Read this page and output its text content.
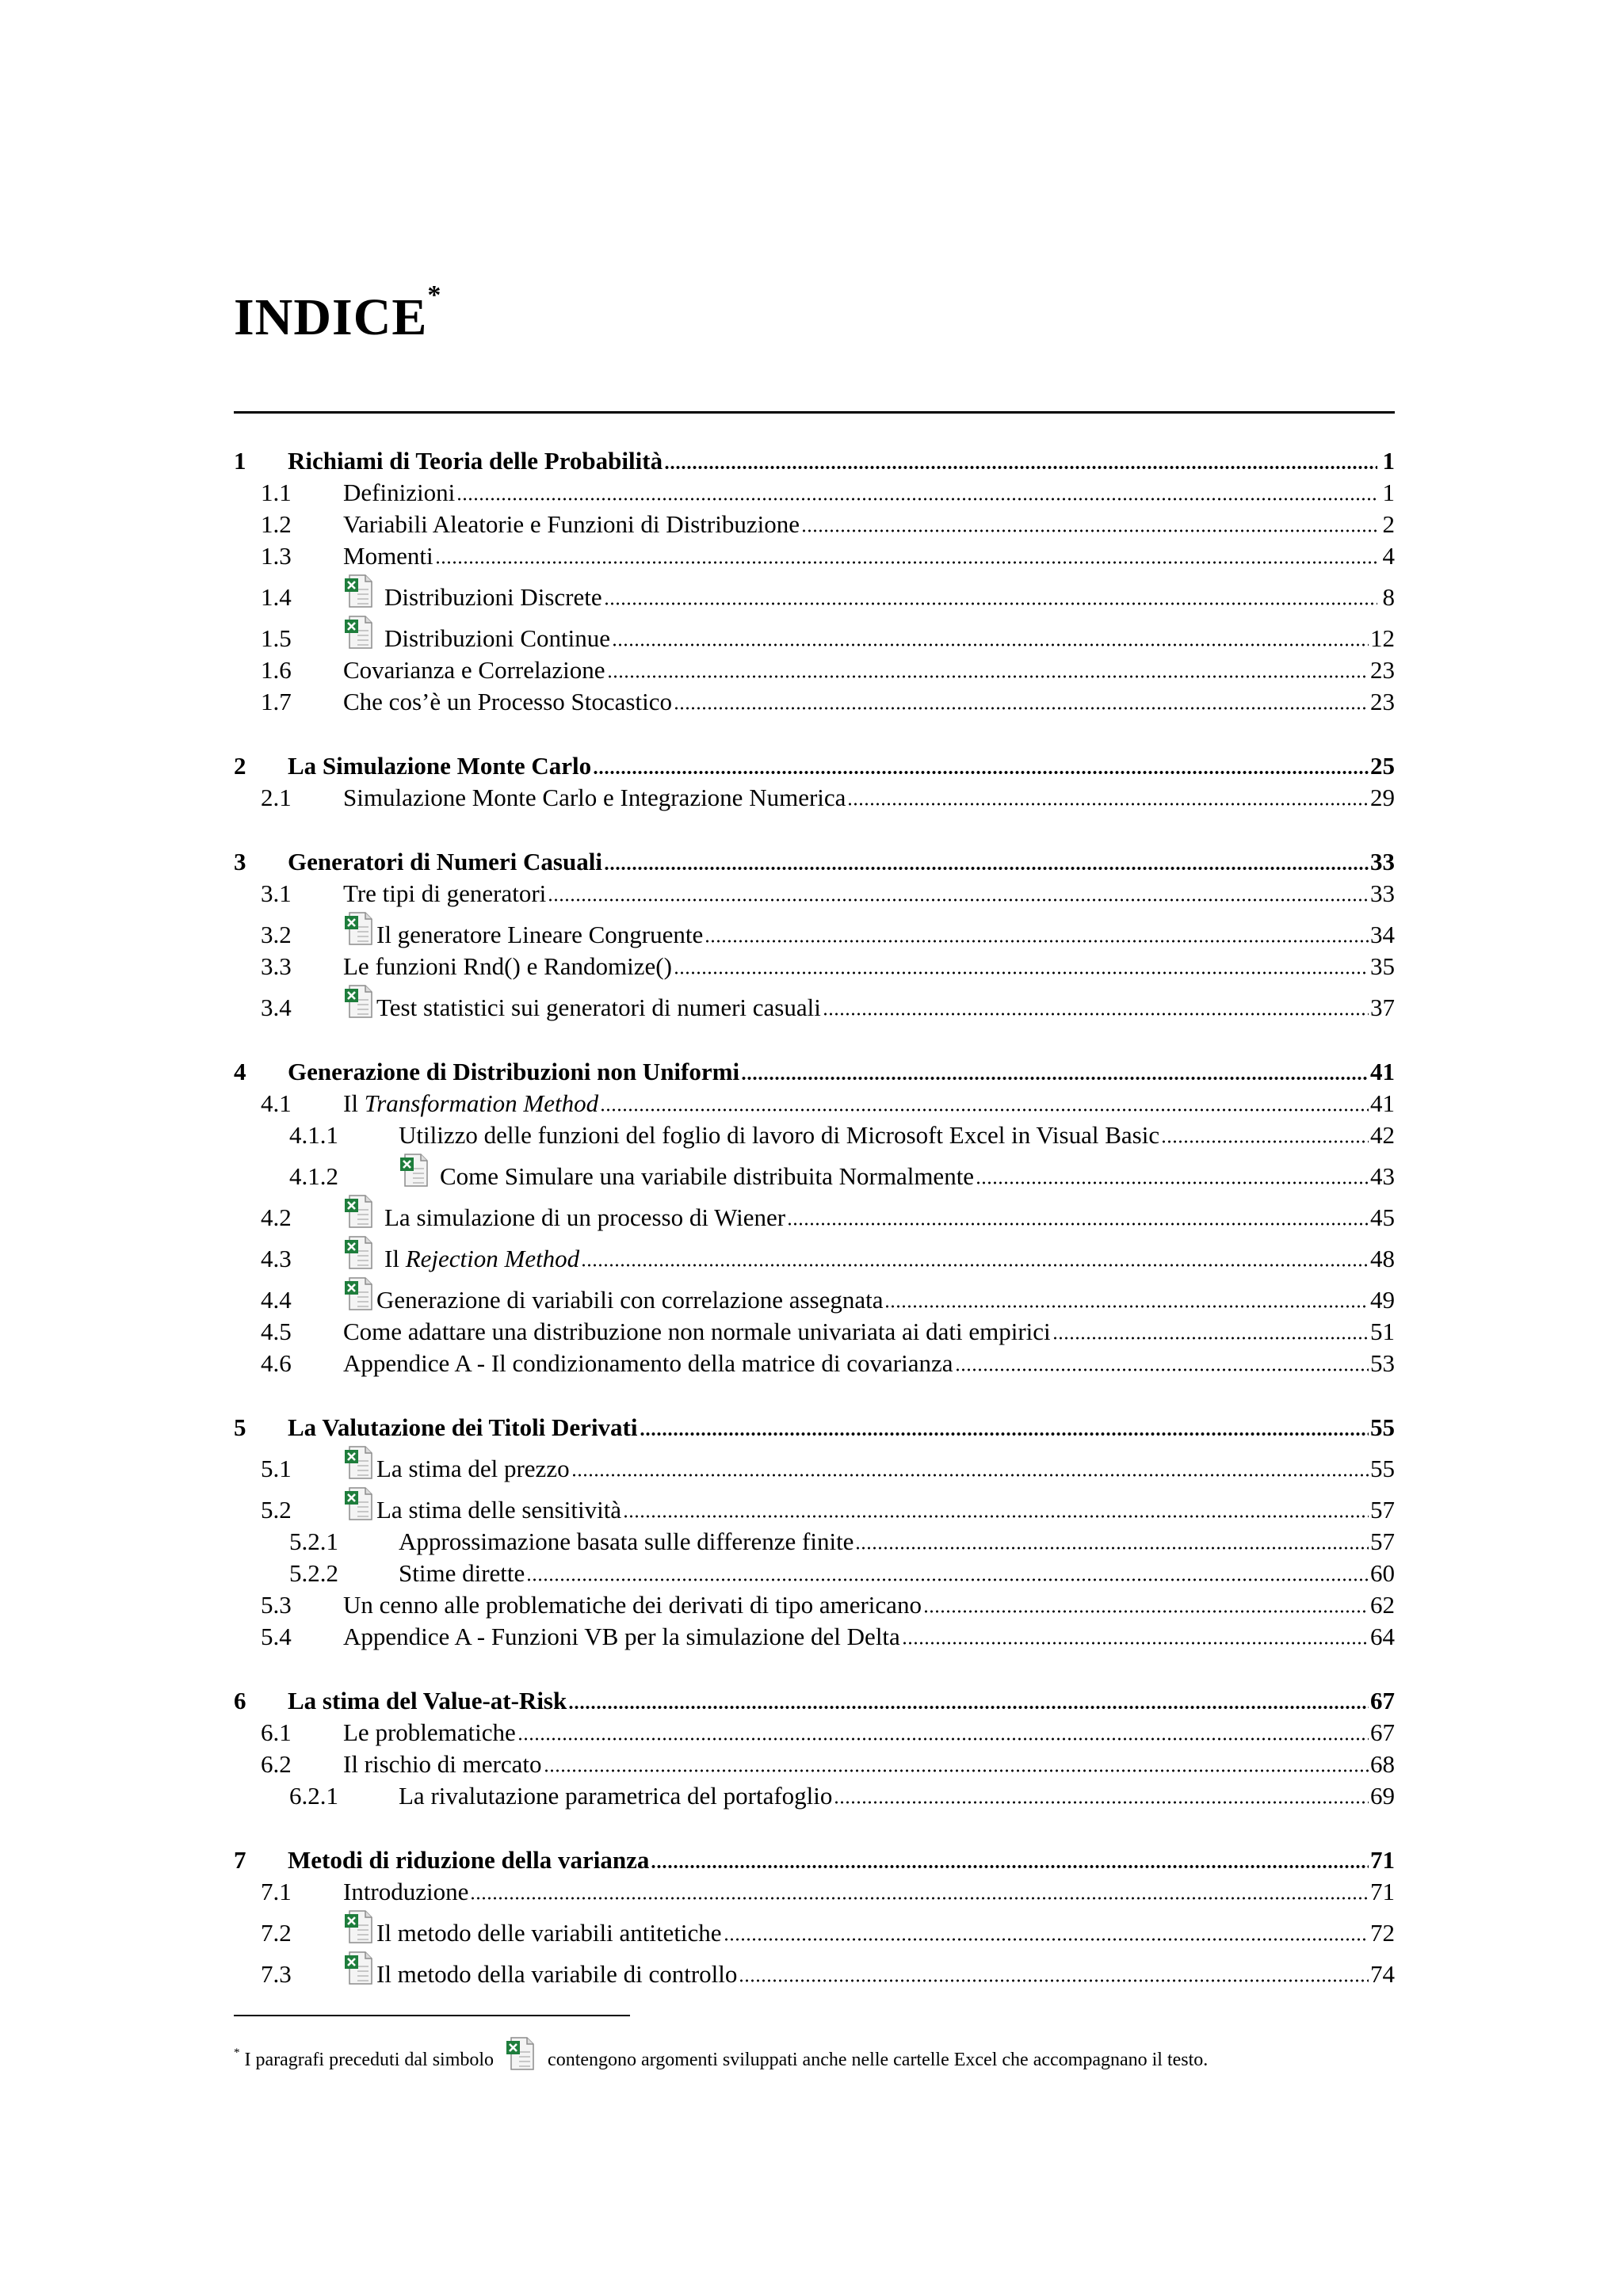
INDICE*
1 Richiami di Teoria delle Probabilità	1
1.1 Definizioni	1
1.2 Variabili Aleatorie e Funzioni di Distribuzione	2
1.3 Momenti	4
1.4	Distribuzioni Discrete	8
1.5	Distribuzioni Continue	12
1.6 Covarianza e Correlazione	23
1.7 Che cos’è un Processo Stocastico	23
2 La Simulazione Monte Carlo	25
2.1 Simulazione Monte Carlo e Integrazione Numerica	29
3 Generatori di Numeri Casuali	33
3.1 Tre tipi di generatori	33
3.2	Il generatore Lineare Congruente	34
3.3 Le funzioni Rnd() e Randomize()	35
3.4	Test statistici sui generatori di numeri casuali	37
4 Generazione di Distribuzioni non Uniformi	41
4.1 Il Transformation Method	41
4.1.1 Utilizzo delle funzioni del foglio di lavoro di Microsoft Excel in Visual Basic	42
4.1.2	Come Simulare una variabile distribuita Normalmente	43
4.2	La simulazione di un processo di Wiener	45
4.3	Il Rejection Method	48
4.4	Generazione di variabili con correlazione assegnata	49
4.5 Come adattare una distribuzione non normale univariata ai dati empirici	51
4.6 Appendice A - Il condizionamento della matrice di covarianza	53
5 La Valutazione dei Titoli Derivati	55
5.1	La stima del prezzo	55
5.2	La stima delle sensitività	57
5.2.1 Approssimazione basata sulle differenze finite	57
5.2.2 Stime dirette	60
5.3 Un cenno alle problematiche dei derivati di tipo americano	62
5.4 Appendice A - Funzioni VB per la simulazione del Delta	64
6 La stima del Value-at-Risk	67
6.1 Le problematiche	67
6.2 Il rischio di mercato	68
6.2.1 La rivalutazione parametrica del portafoglio	69
7 Metodi di riduzione della varianza	71
7.1 Introduzione	71
7.2	Il metodo delle variabili antitetiche	72
7.3	Il metodo della variabile di controllo	74
* I paragrafi preceduti dal simbolo	contengono argomenti sviluppati anche nelle cartelle Excel che accompagnano il testo.
